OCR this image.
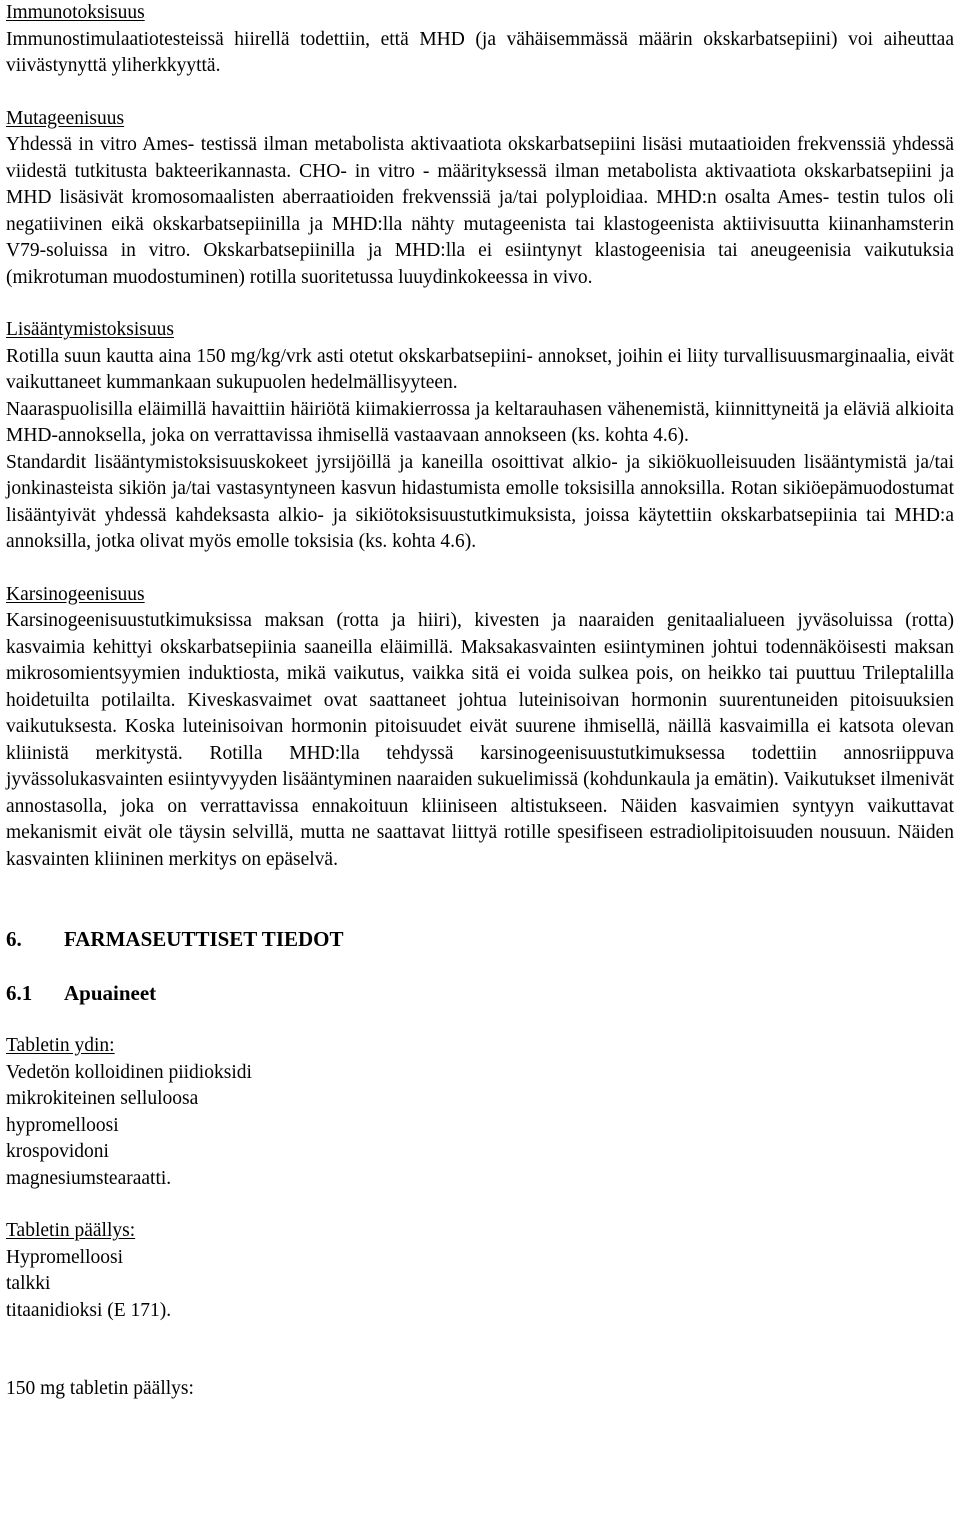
Immunotoksisuus

Immunostimulaatiotesteissä hiirellä todettiin, että MHD (ja vähäisemmässä määrin okskarbatsepiini) voi aiheuttaa viivästynyttä yliherkkyyttä.

Mutageenisuus

Yhdessä in vitro Ames- testissä ilman metabolista aktivaatiota okskarbatsepiini lisäsi mutaatioiden frekvenssiä yhdessä viidestä tutkitusta bakteerikannasta. CHO- in vitro - määrityksessä ilman metabolista aktivaatiota okskarbatsepiini ja MHD lisäsivät kromosomaalisten aberraatioiden frekvenssiä ja/tai polyploidiaa. MHD:n osalta Ames- testin tulos oli negatiivinen eikä okskarbatsepiinilla ja MHD:lla nähty mutageenista tai klastogeenista aktiivisuutta kiinanhamsterin V79-soluissa in vitro. Okskarbatsepiinilla ja MHD:lla ei esiintynyt klastogeenisia tai aneugeenisia vaikutuksia (mikrotuman muodostuminen) rotilla suoritetussa luuydinkokeessa in vivo.

Lisääntymistoksisuus

Rotilla suun kautta aina 150 mg/kg/vrk asti otetut okskarbatsepiini- annokset, joihin ei liity turvallisuusmarginaalia, eivät vaikuttaneet kummankaan sukupuolen hedelmällisyyteen.

Naaraspuolisilla eläimillä havaittiin häiriötä kiimakierrossa ja keltarauhasen vähenemistä, kiinnittyneitä ja eläviä alkioita MHD-annoksella, joka on verrattavissa ihmisellä vastaavaan annokseen (ks. kohta 4.6).

Standardit lisääntymistoksisuuskokeet jyrsijöillä ja kaneilla osoittivat alkio- ja sikiökuolleisuuden lisääntymistä ja/tai jonkinasteista sikiön ja/tai vastasyntyneen kasvun hidastumista emolle toksisilla annoksilla. Rotan sikiöepämuodostumat lisääntyivät yhdessä kahdeksasta alkio- ja sikiötoksisuustutkimuksista, joissa käytettiin okskarbatsepiinia tai MHD:a annoksilla, jotka olivat myös emolle toksisia (ks. kohta 4.6).

Karsinogeenisuus

Karsinogeenisuustutkimuksissa maksan (rotta ja hiiri), kivesten ja naaraiden genitaalialueen jyväsoluissa (rotta) kasvaimia kehittyi okskarbatsepiinia saaneilla eläimillä. Maksakasvainten esiintyminen johtui todennäköisesti maksan mikrosomientsyymien induktiosta, mikä vaikutus, vaikka sitä ei voida sulkea pois, on heikko tai puuttuu Trileptalilla hoidetuilta potilailta. Kiveskasvaimet ovat saattaneet johtua luteinisoivan hormonin suurentuneiden pitoisuuksien vaikutuksesta. Koska luteinisoivan hormonin pitoisuudet eivät suurene ihmisellä, näillä kasvaimilla ei katsota olevan kliinistä merkitystä. Rotilla MHD:lla tehdyssä karsinogeenisuustutkimuksessa todettiin annosriippuva jyvässolukasvainten esiintyvyyden lisääntyminen naaraiden sukuelimissä (kohdunkaula ja emätin). Vaikutukset ilmenivät annostasolla, joka on verrattavissa ennakoituun kliiniseen altistukseen. Näiden kasvaimien syntyyn vaikuttavat mekanismit eivät ole täysin selvillä, mutta ne saattavat liittyä rotille spesifiseen estradiolipitoisuuden nousuun. Näiden kasvainten kliininen merkitys on epäselvä.

6. FARMASEUTTISET TIEDOT
6.1 Apuaineet
Tabletin ydin:
Vedetön kolloidinen piidioksidi
mikrokiteinen selluloosa
hypromelloosi
krospovidoni
magnesiumstearaatti.
Tabletin päällys:
Hypromelloosi
talkki
titaanidioksi (E 171).
150 mg tabletin päällys:
